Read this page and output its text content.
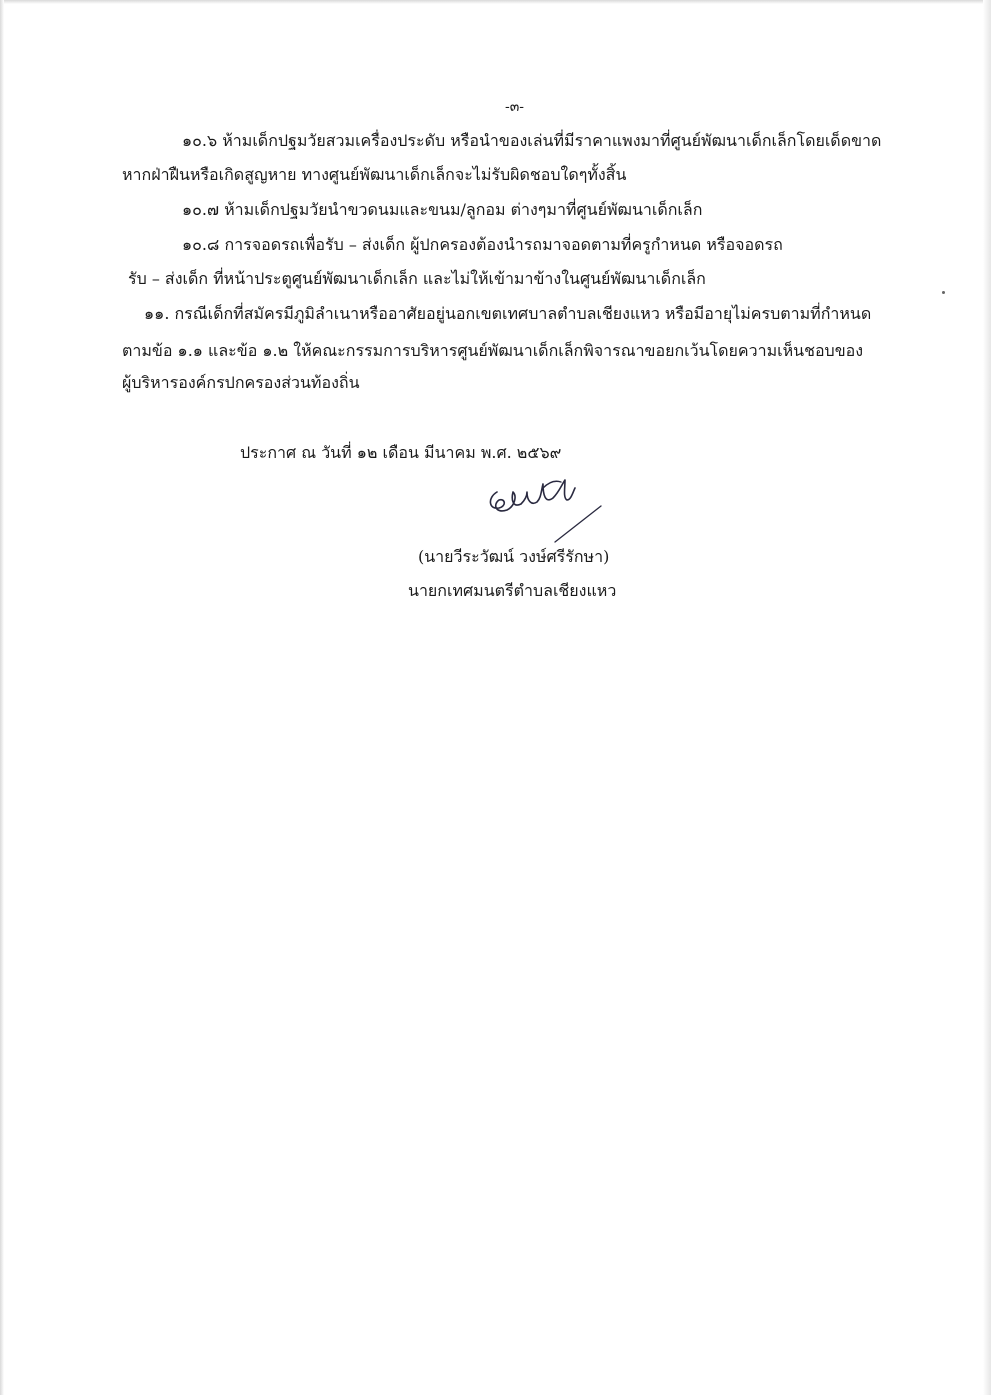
-๓-
๑๐.๖ ห้ามเด็กปฐมวัยสวมเครื่องประดับ หรือนำของเล่นที่มีราคาแพงมาที่ศูนย์พัฒนาเด็กเล็กโดยเด็ดขาด
หากฝ่าฝืนหรือเกิดสูญหาย ทางศูนย์พัฒนาเด็กเล็กจะไม่รับผิดชอบใดๆทั้งสิ้น
๑๐.๗ ห้ามเด็กปฐมวัยนำขวดนมและขนม/ลูกอม ต่างๆมาที่ศูนย์พัฒนาเด็กเล็ก
๑๐.๘ การจอดรถเพื่อรับ – ส่งเด็ก ผู้ปกครองต้องนำรถมาจอดตามที่ครูกำหนด หรือจอดรถ
รับ – ส่งเด็ก ที่หน้าประตูศูนย์พัฒนาเด็กเล็ก และไม่ให้เข้ามาข้างในศูนย์พัฒนาเด็กเล็ก
๑๑. กรณีเด็กที่สมัครมีภูมิลำเนาหรืออาศัยอยู่นอกเขตเทศบาลตำบลเชียงแหว หรือมีอายุไม่ครบตามที่กำหนด
ตามข้อ ๑.๑ และข้อ ๑.๒ ให้คณะกรรมการบริหารศูนย์พัฒนาเด็กเล็กพิจารณาขอยกเว้นโดยความเห็นชอบของ
ผู้บริหารองค์กรปกครองส่วนท้องถิ่น
ประกาศ ณ วันที่ ๑๒ เดือน มีนาคม พ.ศ. ๒๕๖๙
(นายวีระวัฒน์ วงษ์ศรีรักษา)
นายกเทศมนตรีตำบลเชียงแหว
